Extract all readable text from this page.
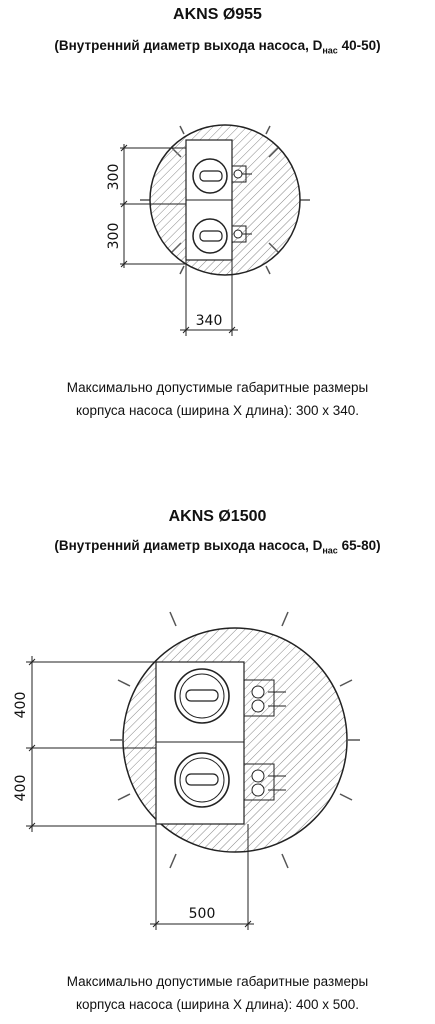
AKNS Ø955

(Внутренний диаметр выхода насоса, $D_{нас}$ 40-50)

300
300
340

Максимально допустимые габаритные размеры
корпуса насоса (ширина Х длина): 300 х 340.

AKNS Ø1500

(Внутренний диаметр выхода насоса, $D_{нас}$ 65-80)

400
400
500

Максимально допустимые габаритные размеры
корпуса насоса (ширина Х длина): 400 х 500.
